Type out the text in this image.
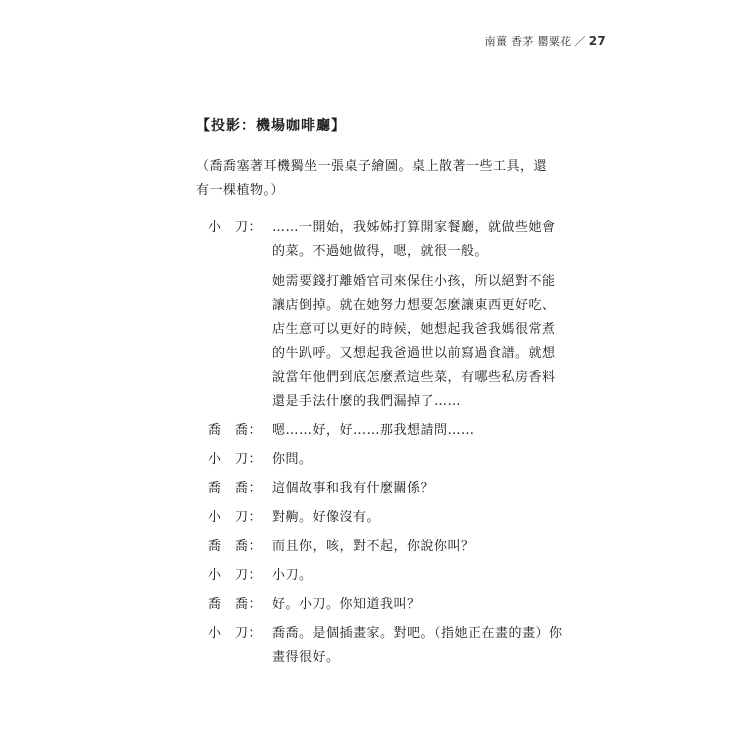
南薑 香茅 罌粟花 ／ 27
【投影：機場咖啡廳】
（喬喬塞著耳機獨坐一張桌子繪圖。桌上散著一些工具，還有一棵植物。）
小　刀： ……一開始，我姊姊打算開家餐廳，就做些她會的菜。不過她做得，嗯，就很一般。

她需要錢打離婚官司來保住小孩，所以絕對不能讓店倒掉。就在她努力想要怎麼讓東西更好吃、店生意可以更好的時候，她想起我爸我媽很常煮的牛趴呼。又想起我爸過世以前寫過食譜。就想說當年他們到底怎麼煮這些菜，有哪些私房香料還是手法什麼的我們漏掉了……

喬　喬： 嗯……好，好……那我想請問……

小　刀： 你問。

喬　喬： 這個故事和我有什麼關係？

小　刀： 對齁。好像沒有。

喬　喬： 而且你，咳，對不起，你說你叫？

小　刀： 小刀。

喬　喬： 好。小刀。你知道我叫？

小　刀： 喬喬。是個插畫家。對吧。（指她正在畫的畫）你畫得很好。
